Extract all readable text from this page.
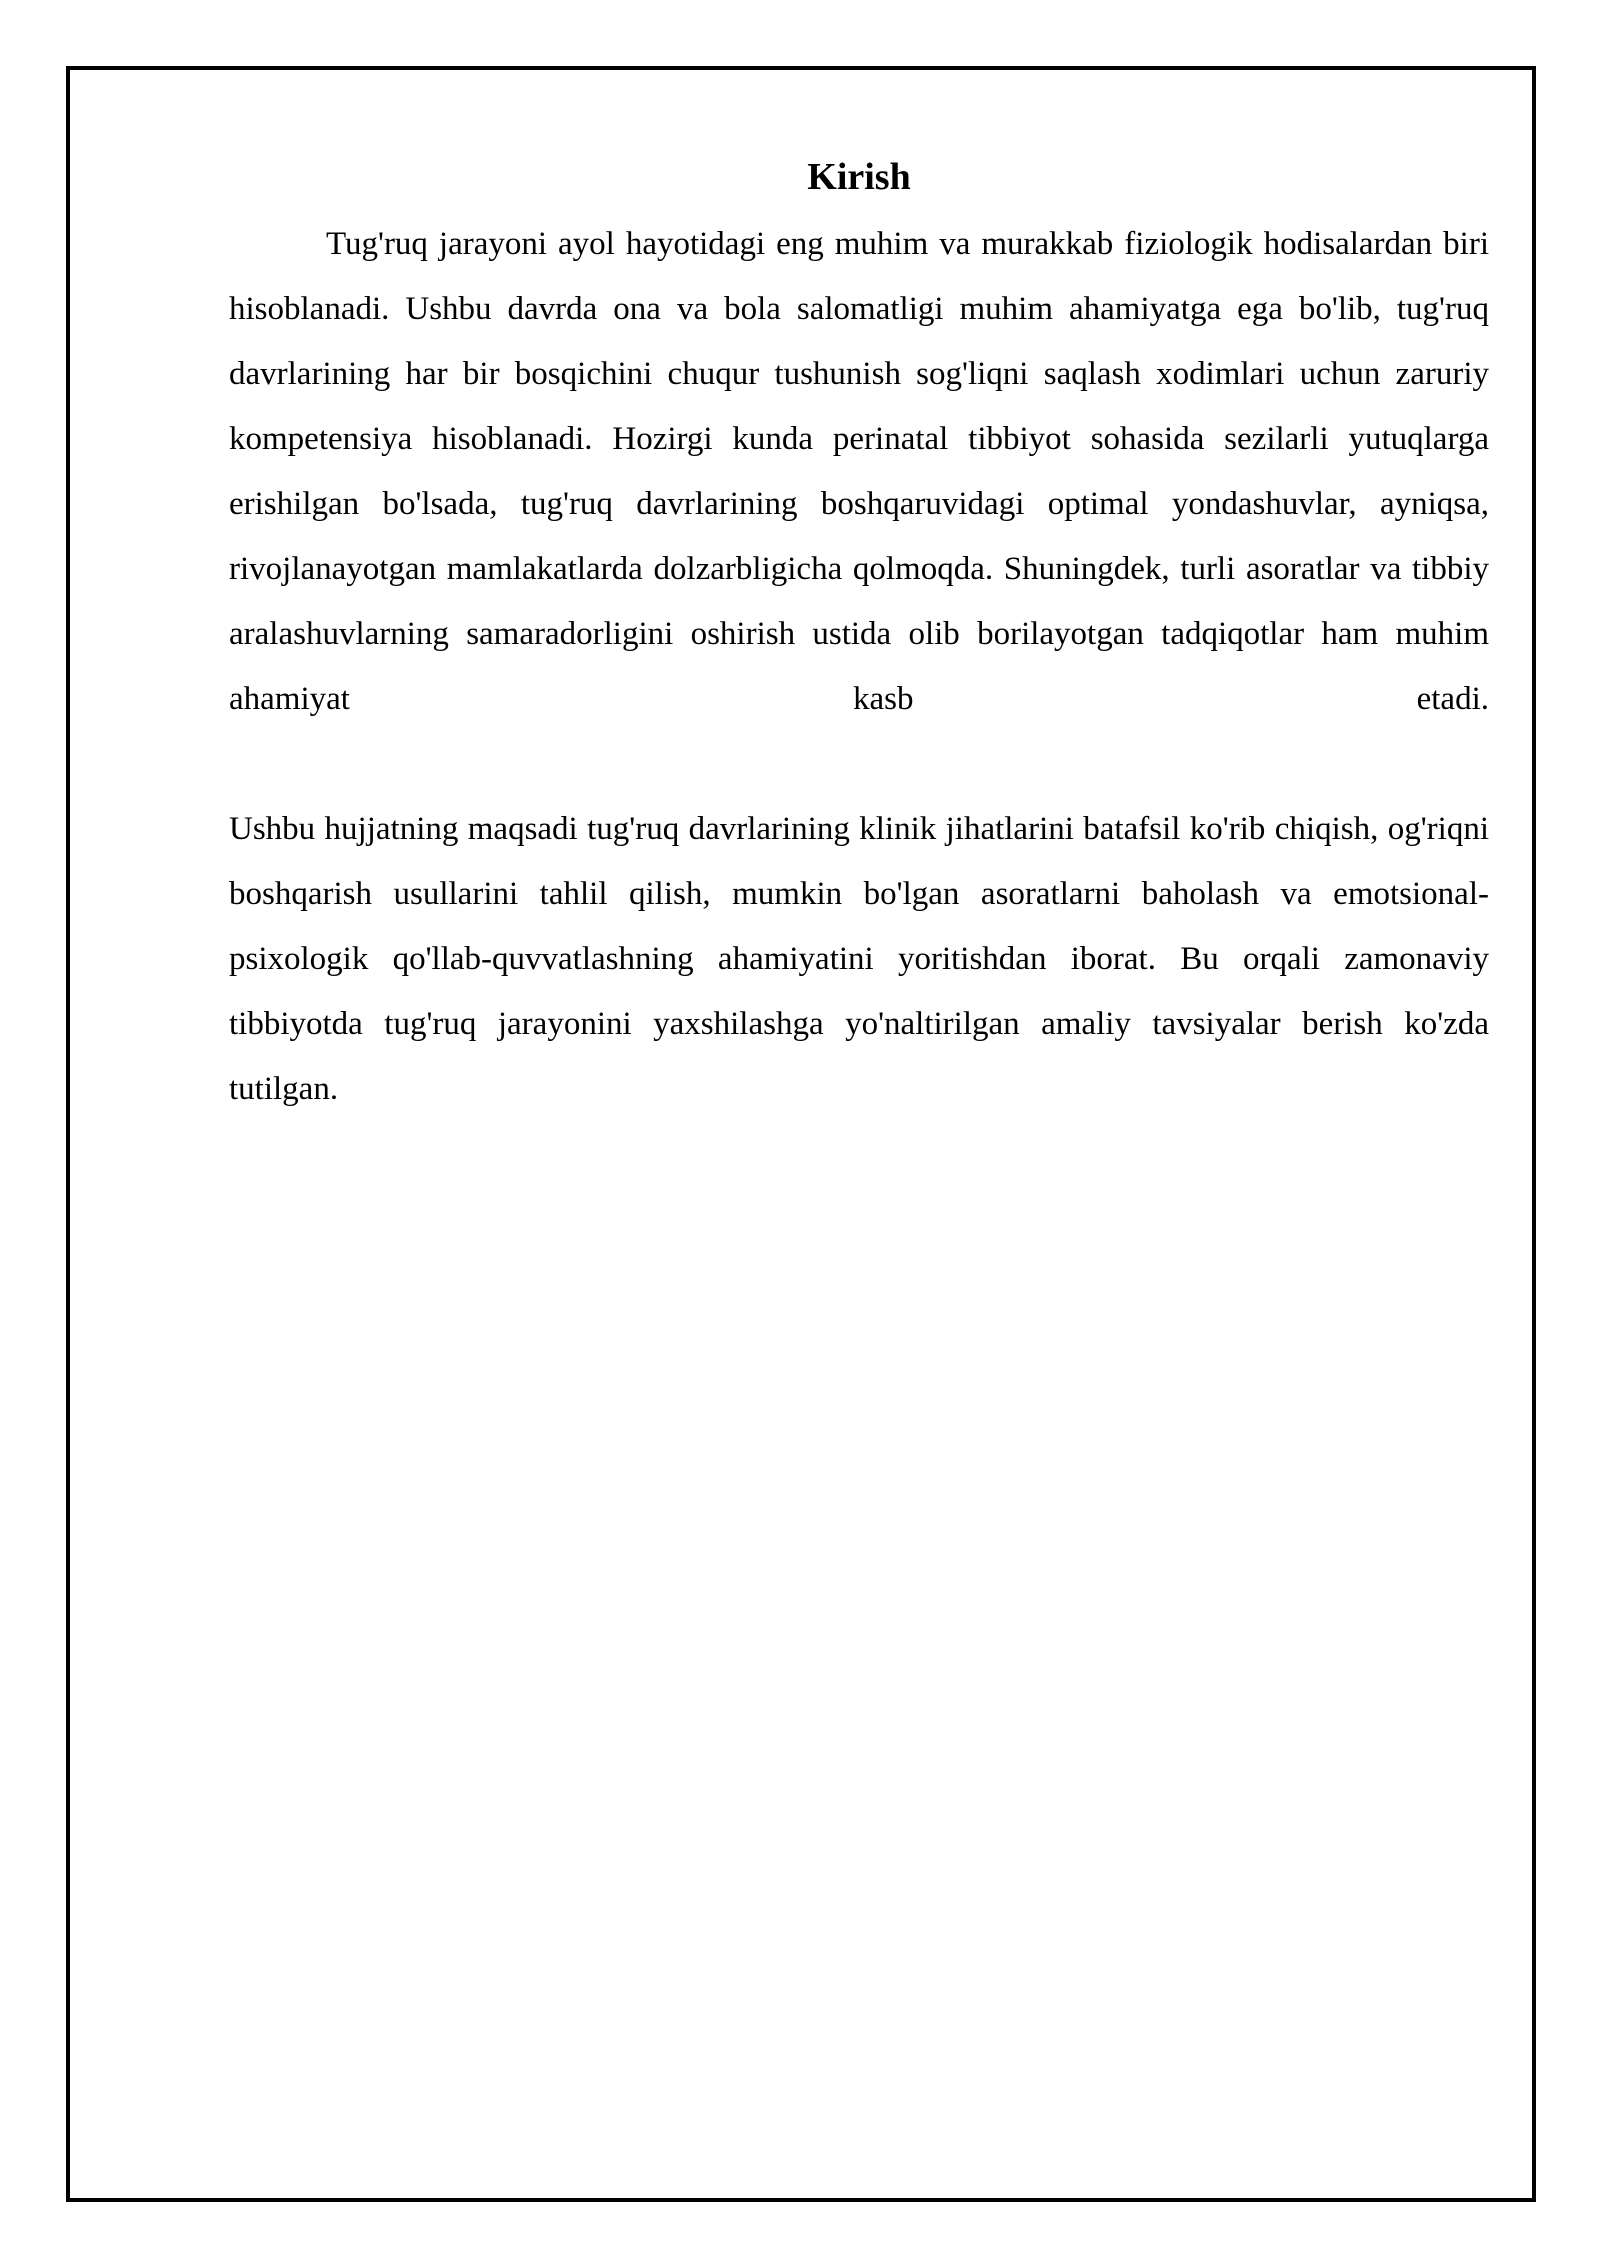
Kirish

Tug'ruq jarayoni ayol hayotidagi eng muhim va murakkab fiziologik hodisalardan biri hisoblanadi. Ushbu davrda ona va bola salomatligi muhim ahamiyatga ega bo'lib, tug'ruq davrlarining har bir bosqichini chuqur tushunish sog'liqni saqlash xodimlari uchun zaruriy kompetensiya hisoblanadi. Hozirgi kunda perinatal tibbiyot sohasida sezilarli yutuqlarga erishilgan bo'lsada, tug'ruq davrlarining boshqaruvidagi optimal yondashuvlar, ayniqsa, rivojlanayotgan mamlakatlarda dolzarbligicha qolmoqda. Shuningdek, turli asoratlar va tibbiy aralashuvlarning samaradorligini oshirish ustida olib borilayotgan tadqiqotlar ham muhim ahamiyat kasb etadi.

Ushbu hujjatning maqsadi tug'ruq davrlarining klinik jihatlarini batafsil ko'rib chiqish, og'riqni boshqarish usullarini tahlil qilish, mumkin bo'lgan asoratlarni baholash va emotsional-psixologik qo'llab-quvvatlashning ahamiyatini yoritishdan iborat. Bu orqali zamonaviy tibbiyotda tug'ruq jarayonini yaxshilashga yo'naltirilgan amaliy tavsiyalar berish ko'zda tutilgan.
